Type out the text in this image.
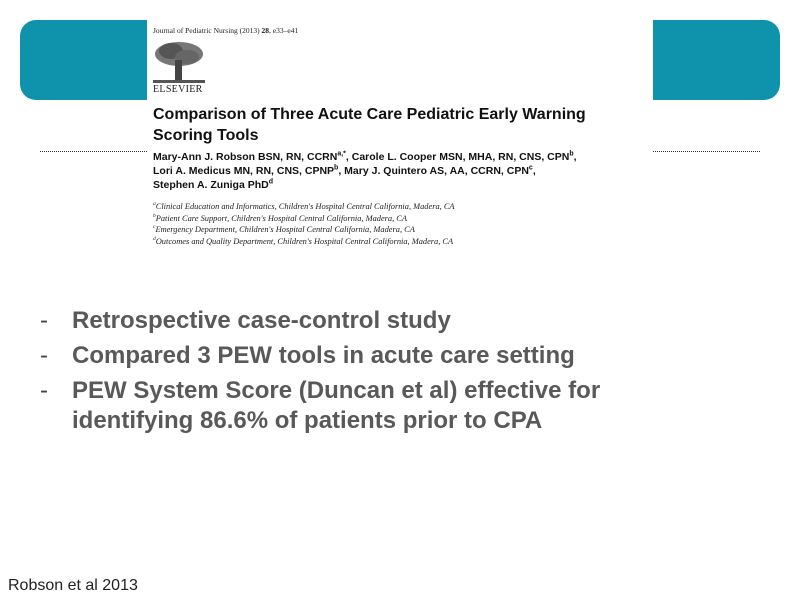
Journal of Pediatric Nursing (2013) 28, e33–e41
ELSEVIER
Comparison of Three Acute Care Pediatric Early Warning Scoring Tools
Mary-Ann J. Robson BSN, RN, $CCRN^{a,*}$, Carole L. Cooper MSN, MHA, RN, CNS, CPN$^b$,
Lori A. Medicus MN, RN, CNS, CPNP$^b$, Mary J. Quintero AS, AA, CCRN, CPN$^c$,
Stephen A. Zuniga PhD$^d$
$^a$Clinical Education and Informatics, Children's Hospital Central California, Madera, CA
$^b$Patient Care Support, Children's Hospital Central California, Madera, CA
$^c$Emergency Department, Children's Hospital Central California, Madera, CA
$^d$Outcomes and Quality Department, Children's Hospital Central California, Madera, CA
- Retrospective case-control study
- Compared 3 PEW tools in acute care setting
- PEW System Score (Duncan et al) effective for identifying 86.6% of patients prior to CPA
Robson et al 2013
